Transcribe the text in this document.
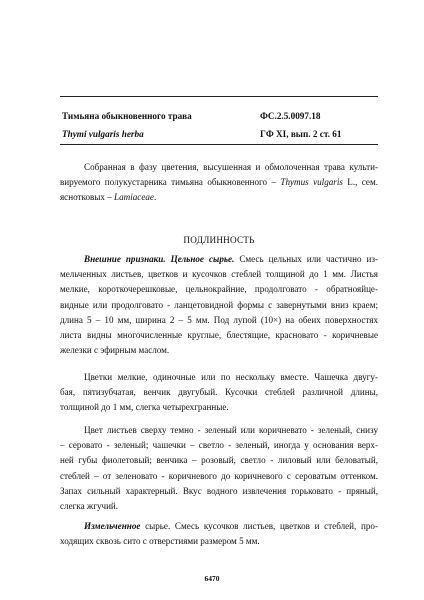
Тимьяна обыкновенного трава	ФС.2.5.0097.18
Thymi vulgaris herba	ГФ XI, вып. 2 ст. 61
Собранная в фазу цветения, высушенная и обмолоченная трава культи-
вируемого полукустарника тимьяна обыкновенного – Thymus vulgaris L., сем.
яснотковых – Lamiaceae.
ПОДЛИННОСТЬ
Внешние признаки. Цельное сырье. Смесь цельных или частично из-
мельченных листьев, цветков и кусочков стеблей толщиной до 1 мм. Листья
мелкие, короткочерешковые, цельнокрайние, продолговато - обратнояйце-
видные или продолговато - ланцетовидной формы с завернутыми вниз краем;
длина 5 – 10 мм, ширина 2 – 5 мм. Под лупой (10×) на обеих поверхностях
листа видны многочисленные круглые, блестящие, красновато - коричневые
железки с эфирным маслом.
Цветки мелкие, одиночные или по нескольку вместе. Чашечка двугу-
бая, пятизубчатая, венчик двугубый. Кусочки стеблей различной длины,
толщиной до 1 мм, слегка четырехгранные.
Цвет листьев сверху темно - зеленый или коричневато - зеленый, снизу
– серовато - зеленый; чашечки – светло - зеленый, иногда у основания верх-
ней губы фиолетовый; венчика – розовый, светло - лиловый или беловатый,
стеблей – от зеленовато - коричневого до коричневого с сероватым оттенком.
Запах сильный характерный. Вкус водного извлечения горьковато - пряный,
слегка жгучий.
Измельченное сырье. Смесь кусочков листьев, цветков и стеблей, про-
ходящих сквозь сито с отверстиями размером 5 мм.
6470
